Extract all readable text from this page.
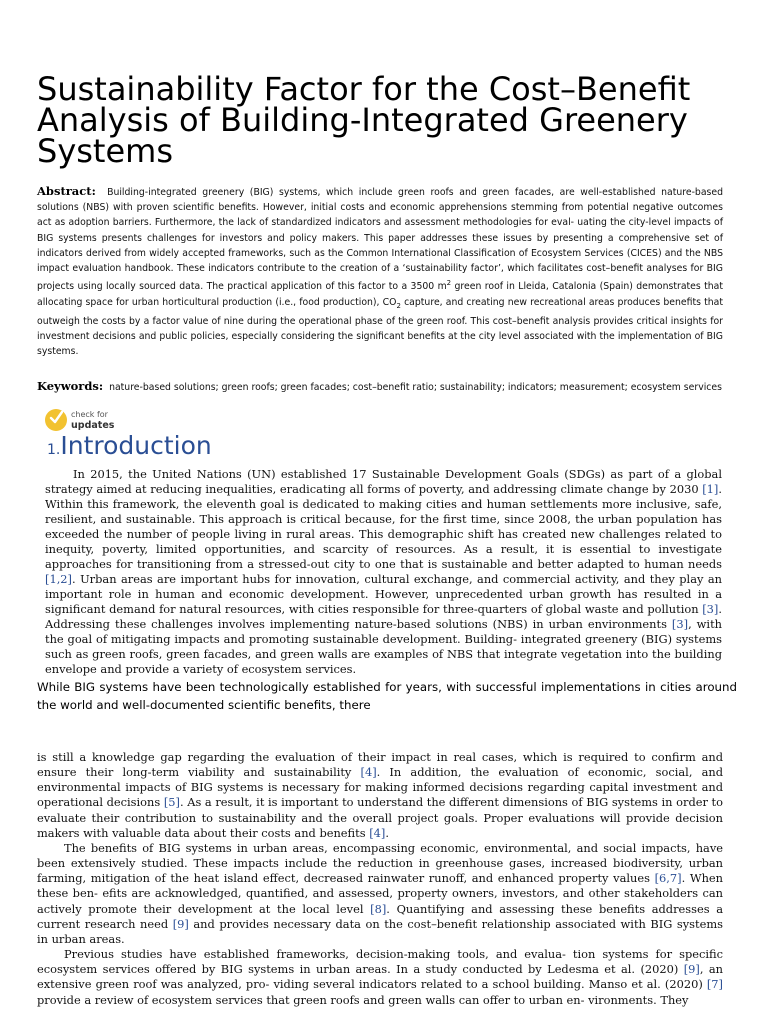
Sustainability Factor for the Cost–Benefit Analysis of Building-Integrated Greenery Systems

Abstract: Building-integrated greenery (BIG) systems, which include green roofs and green facades, are well-established nature-based solutions (NBS) with proven scientific benefits. However, initial costs and economic apprehensions stemming from potential negative outcomes act as adoption barriers. Furthermore, the lack of standardized indicators and assessment methodologies for eval- uating the city-level impacts of BIG systems presents challenges for investors and policy makers. This paper addresses these issues by presenting a comprehensive set of indicators derived from widely accepted frameworks, such as the Common International Classification of Ecosystem Services (CICES) and the NBS impact evaluation handbook. These indicators contribute to the creation of a ‘sustainability factor’, which facilitates cost–benefit analyses for BIG projects using locally sourced data. The practical application of this factor to a 3500 $m^2$ green roof in Lleida, Catalonia (Spain) demonstrates that allocating space for urban horticultural production (i.e., food production), $CO_2$ capture, and creating new recreational areas produces benefits that outweigh the costs by a factor value of nine during the operational phase of the green roof. This cost–benefit analysis provides critical insights for investment decisions and public policies, especially considering the significant benefits at the city level associated with the implementation of BIG systems.

Keywords: nature-based solutions; green roofs; green facades; cost–benefit ratio; sustainability; indicators; measurement; ecosystem services

check for
updates
1.Introduction

In 2015, the United Nations (UN) established 17 Sustainable Development Goals (SDGs) as part of a global strategy aimed at reducing inequalities, eradicating all forms of poverty, and addressing climate change by 2030 [1]. Within this framework, the eleventh goal is dedicated to making cities and human settlements more inclusive, safe, resilient, and sustainable. This approach is critical because, for the first time, since 2008, the urban population has exceeded the number of people living in rural areas. This demographic shift has created new challenges related to inequity, poverty, limited opportunities, and scarcity of resources. As a result, it is essential to investigate approaches for transitioning from a stressed-out city to one that is sustainable and better adapted to human needs [1,2]. Urban areas are important hubs for innovation, cultural exchange, and commercial activity, and they play an important role in human and economic development. However, unprecedented urban growth has resulted in a significant demand for natural resources, with cities responsible for three-quarters of global waste and pollution [3]. Addressing these challenges involves implementing nature-based solutions (NBS) in urban environments [3], with the goal of mitigating impacts and promoting sustainable development. Building- integrated greenery (BIG) systems such as green roofs, green facades, and green walls are examples of NBS that integrate vegetation into the building envelope and provide a variety of ecosystem services.

While BIG systems have been technologically established for years, with successful implementations in cities around the world and well-documented scientific benefits, there

is still a knowledge gap regarding the evaluation of their impact in real cases, which is required to confirm and ensure their long-term viability and sustainability [4]. In addition, the evaluation of economic, social, and environmental impacts of BIG systems is necessary for making informed decisions regarding capital investment and operational decisions [5]. As a result, it is important to understand the different dimensions of BIG systems in order to evaluate their contribution to sustainability and the overall project goals. Proper evaluations will provide decision makers with valuable data about their costs and benefits [4].

The benefits of BIG systems in urban areas, encompassing economic, environmental, and social impacts, have been extensively studied. These impacts include the reduction in greenhouse gases, increased biodiversity, urban farming, mitigation of the heat island effect, decreased rainwater runoff, and enhanced property values [6,7]. When these ben- efits are acknowledged, quantified, and assessed, property owners, investors, and other stakeholders can actively promote their development at the local level [8]. Quantifying and assessing these benefits addresses a current research need [9] and provides necessary data on the cost–benefit relationship associated with BIG systems in urban areas.

Previous studies have established frameworks, decision-making tools, and evalua- tion systems for specific ecosystem services offered by BIG systems in urban areas. In a study conducted by Ledesma et al. (2020) [9], an extensive green roof was analyzed, pro- viding several indicators related to a school building. Manso et al. (2020) [7] provide a review of ecosystem services that green roofs and green walls can offer to urban en- vironments. They
